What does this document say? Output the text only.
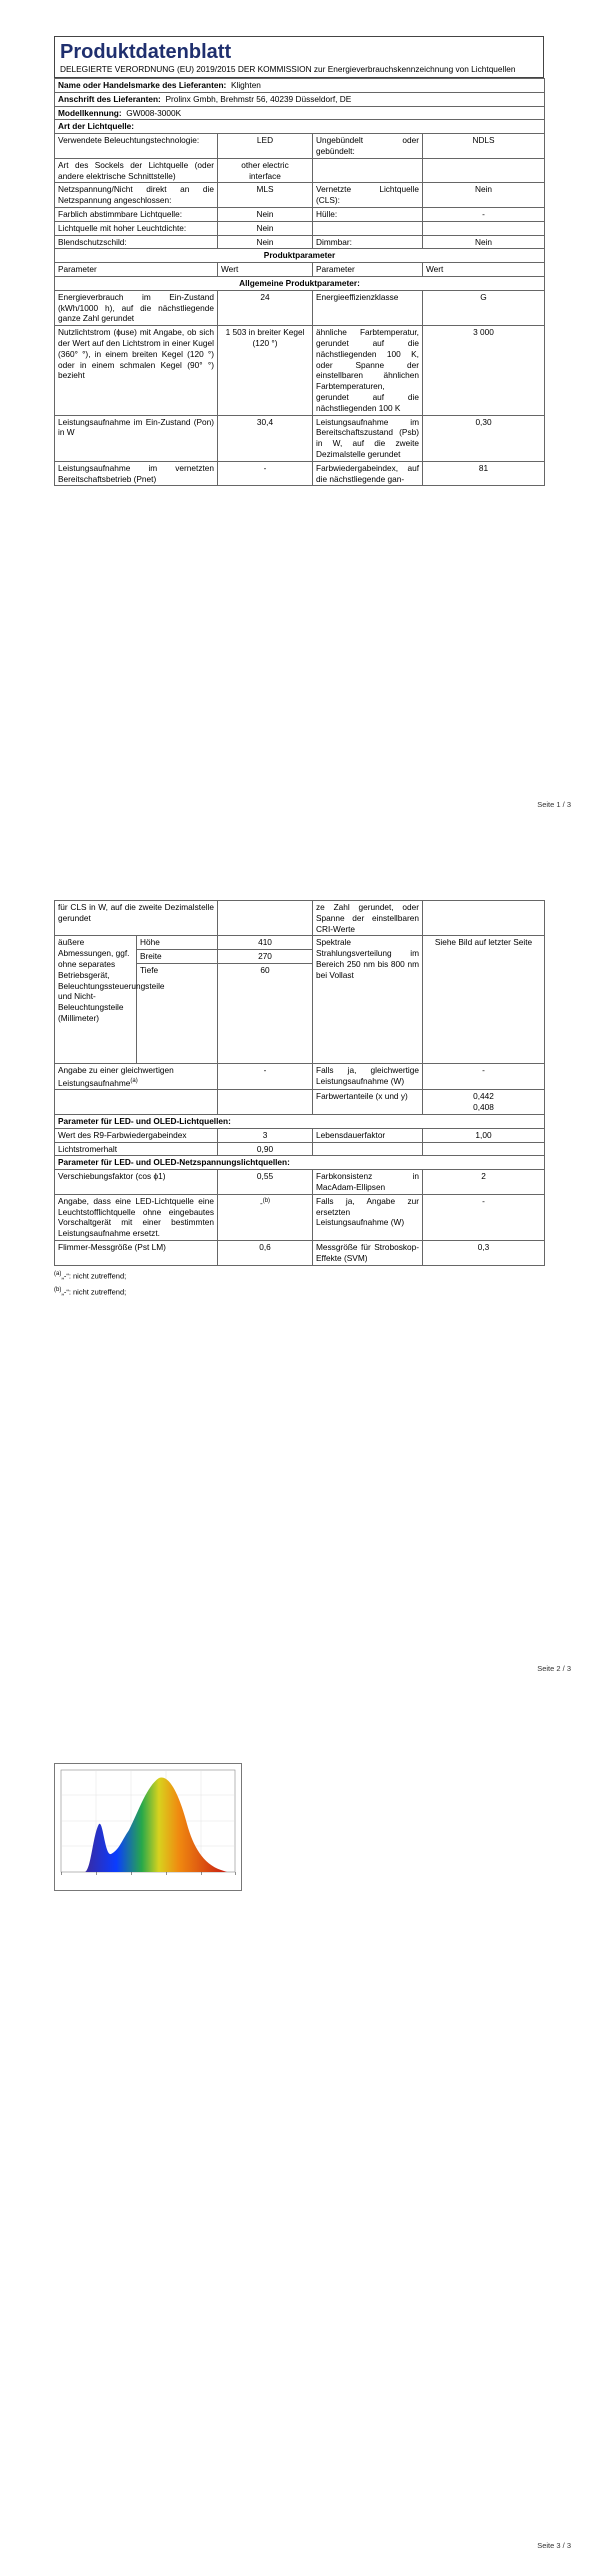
Produktdatenblatt
DELEGIERTE VERORDNUNG (EU) 2019/2015 DER KOMMISSION zur Energieverbrauchskennzeichnung von Lichtquellen
Name oder Handelsmarke des Lieferanten: Klighten			
Anschrift des Lieferanten: Prolinx Gmbh, Brehmstr 56, 40239 Düsseldorf, DE			
Modellkennung: GW008-3000K			
Art der Lichtquelle:			
Verwendete Beleuchtungstechnologie:	LED	Ungebündelt oder gebündelt:	NDLS
Art des Sockels der Lichtquelle (oder andere elektrische Schnittstelle)	other electric
interface		
Netzspannung/Nicht direkt an die Netzspannung angeschlossen:	MLS	Vernetzte Lichtquelle (CLS):	Nein
Farblich abstimmbare Lichtquelle:	Nein	Hülle:	-
Lichtquelle mit hoher Leuchtdichte:	Nein		
Blendschutzschild:	Nein	Dimmbar:	Nein
Produktparameter			
Parameter	Wert	Parameter	Wert
Allgemeine Produktparameter:			
Energieverbrauch im Ein-Zustand (kWh/1000 h), auf die nächstliegende ganze Zahl gerundet	24	Energieeffizienzklasse	G
Nutzlichtstrom (ɸuse) mit Angabe, ob sich der Wert auf den Lichtstrom in einer Kugel (360° °), in einem breiten Kegel (120 °) oder in einem schmalen Kegel (90° °) bezieht	1 503 in breiter Kegel (120 °)	ähnliche Farbtemperatur, gerundet auf die nächstliegenden 100 K, oder Spanne der einstellbaren ähnlichen Farbtemperaturen, gerundet auf die nächstliegenden 100 K	3 000
Leistungsaufnahme im Ein-Zustand (Pon) in W	30,4	Leistungsaufnahme im Bereitschaftszustand (Psb) in W, auf die zweite Dezimalstelle gerundet	0,30
Leistungsaufnahme im vernetzten Bereitschaftsbetrieb (Pnet)	-	Farbwiedergabeindex, auf die nächstliegende gan-	81
Seite 1 / 3
für CLS in W, auf die zweite Dezimalstelle gerundet			ze Zahl gerundet, oder Spanne der einstellbaren CRI-Werte	
äußere Abmessungen, ggf. ohne separates Betriebsgerät, Beleuchtungssteuerungsteile und Nicht-Beleuchtungsteile (Millimeter)	Höhe	410	Spektrale Strahlungsverteilung im Bereich 250 nm bis 800 nm bei Vollast	Siehe Bild auf letzter Seite
	Breite	270		
	Tiefe	60		
Angabe zu einer gleichwertigen Leistungsaufnahme$^{(a)}$		-	Falls ja, gleichwertige Leistungsaufnahme (W)	-
			Farbwertanteile (x und y)	0,442
0,408
Parameter für LED- und OLED-Lichtquellen:				
Wert des R9-Farbwiedergabeindex		3	Lebensdauerfaktor	1,00
Lichtstromerhalt		0,90		
Parameter für LED- und OLED-Netzspannungslichtquellen:				
Verschiebungsfaktor (cos ϕ1)		0,55	Farbkonsistenz in MacAdam-Ellipsen	2
Angabe, dass eine LED-Lichtquelle eine Leuchtstofflichtquelle ohne eingebautes Vorschaltgerät mit einer bestimmten Leistungsaufnahme ersetzt.		-$^{(b)}$	Falls ja, Angabe zur ersetzten Leistungsaufnahme (W)	-
Flimmer-Messgröße (Pst LM)		0,6	Messgröße für Stroboskop-Effekte (SVM)	0,3
$^{(a)}$„-“: nicht zutreffend;
$^{(b)}$„-“: nicht zutreffend;
Seite 2 / 3
Seite 3 / 3
